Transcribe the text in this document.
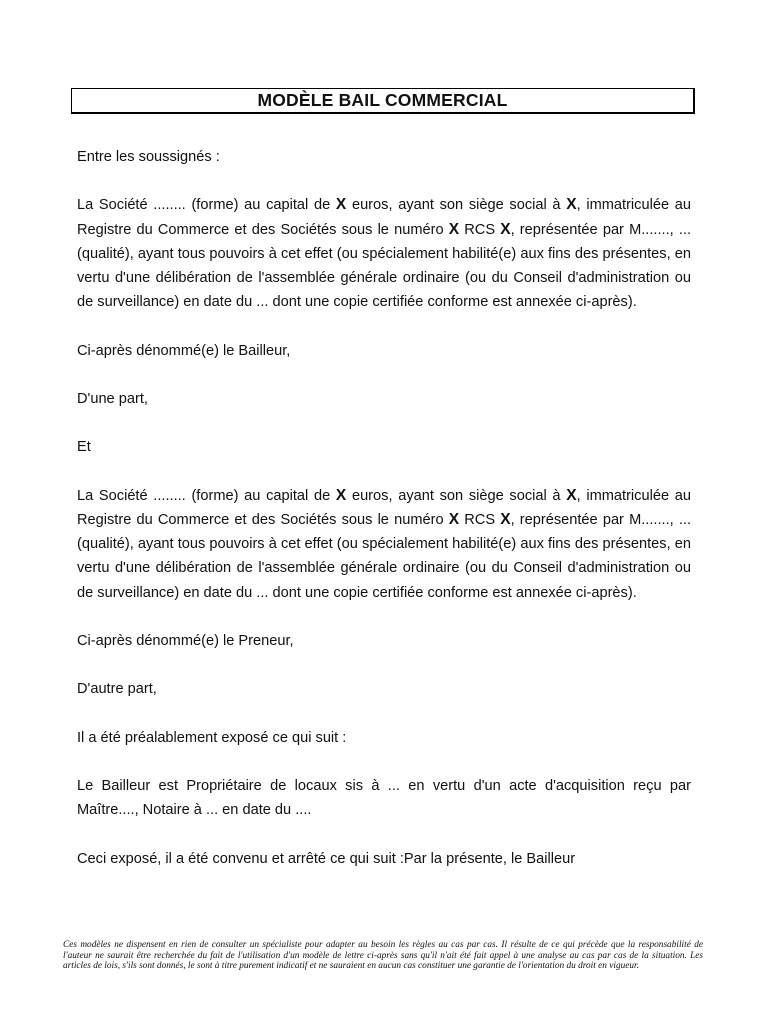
MODÈLE BAIL COMMERCIAL

Entre les soussignés :

La Société ........ (forme) au capital de X euros, ayant son siège social à X, immatriculée au Registre du Commerce et des Sociétés sous le numéro X RCS X, représentée par M......., ... (qualité), ayant tous pouvoirs à cet effet (ou spécialement habilité(e) aux fins des présentes, en vertu d'une délibération de l'assemblée générale ordinaire (ou du Conseil d'administration ou de surveillance) en date du ... dont une copie certifiée conforme est annexée ci-après).

Ci-après dénommé(e) le Bailleur,

D'une part,

Et

La Société ........ (forme) au capital de X euros, ayant son siège social à X, immatriculée au Registre du Commerce et des Sociétés sous le numéro X RCS X, représentée par M......., ... (qualité), ayant tous pouvoirs à cet effet (ou spécialement habilité(e) aux fins des présentes, en vertu d'une délibération de l'assemblée générale ordinaire (ou du Conseil d'administration ou de surveillance) en date du ... dont une copie certifiée conforme est annexée ci-après).

Ci-après dénommé(e) le Preneur,

D'autre part,

Il a été préalablement exposé ce qui suit :

Le Bailleur est Propriétaire de locaux sis à ... en vertu d'un acte d'acquisition reçu par Maître...., Notaire à ... en date du ....

Ceci exposé, il a été convenu et arrêté ce qui suit :Par la présente, le Bailleur

Ces modèles ne dispensent en rien de consulter un spécialiste pour adapter au besoin les règles au cas par cas. Il résulte de ce qui précède que la responsabilité de l'auteur ne saurait être recherchée du fait de l'utilisation d'un modèle de lettre ci-après sans qu'il n'ait été fait appel à une analyse au cas par cas de la situation. Les articles de lois, s'ils sont donnés, le sont à titre purement indicatif et ne sauraient en aucun cas constituer une garantie de l'orientation du droit en vigueur.
